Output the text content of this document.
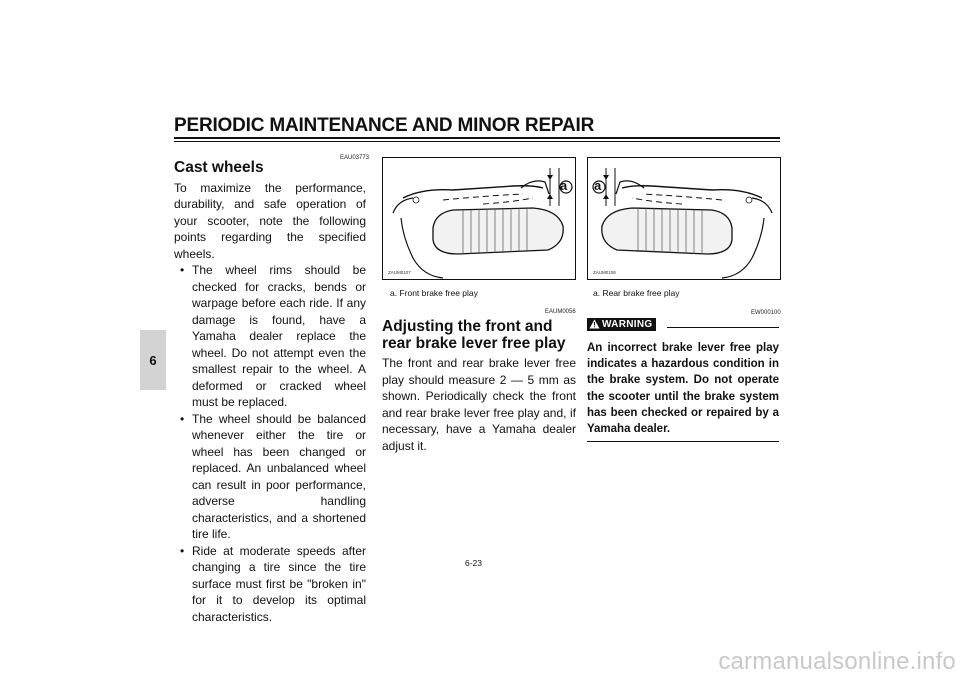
PERIODIC MAINTENANCE AND MINOR REPAIR
6
EAU03773
Cast wheels

To maximize the performance, durability, and safe operation of your scooter, note the following points regarding the specified wheels.

• The wheel rims should be checked for cracks, bends or warpage before each ride. If any damage is found, have a Yamaha dealer replace the wheel. Do not attempt even the smallest repair to the wheel. A deformed or cracked wheel must be replaced.
• The wheel should be balanced whenever either the tire or wheel has been changed or replaced. An unbalanced wheel can result in poor performance, adverse handling characteristics, and a shortened tire life.
• Ride at moderate speeds after changing a tire since the tire surface must first be "broken in" for it to develop its optimal characteristics.
a
ZAUM0107
a. Front brake free play
a
ZAUM0108
a. Rear brake free play
EAUM0056
Adjusting the front and rear brake lever free play

The front and rear brake lever free play should measure 2 — 5 mm as shown. Periodically check the front and rear brake lever free play and, if necessary, have a Yamaha dealer adjust it.

EW000100
WARNING

An incorrect brake lever free play indicates a hazardous condition in the brake system. Do not operate the scooter until the brake system has been checked or repaired by a Yamaha dealer.

6-23
carmanualsonline.info
